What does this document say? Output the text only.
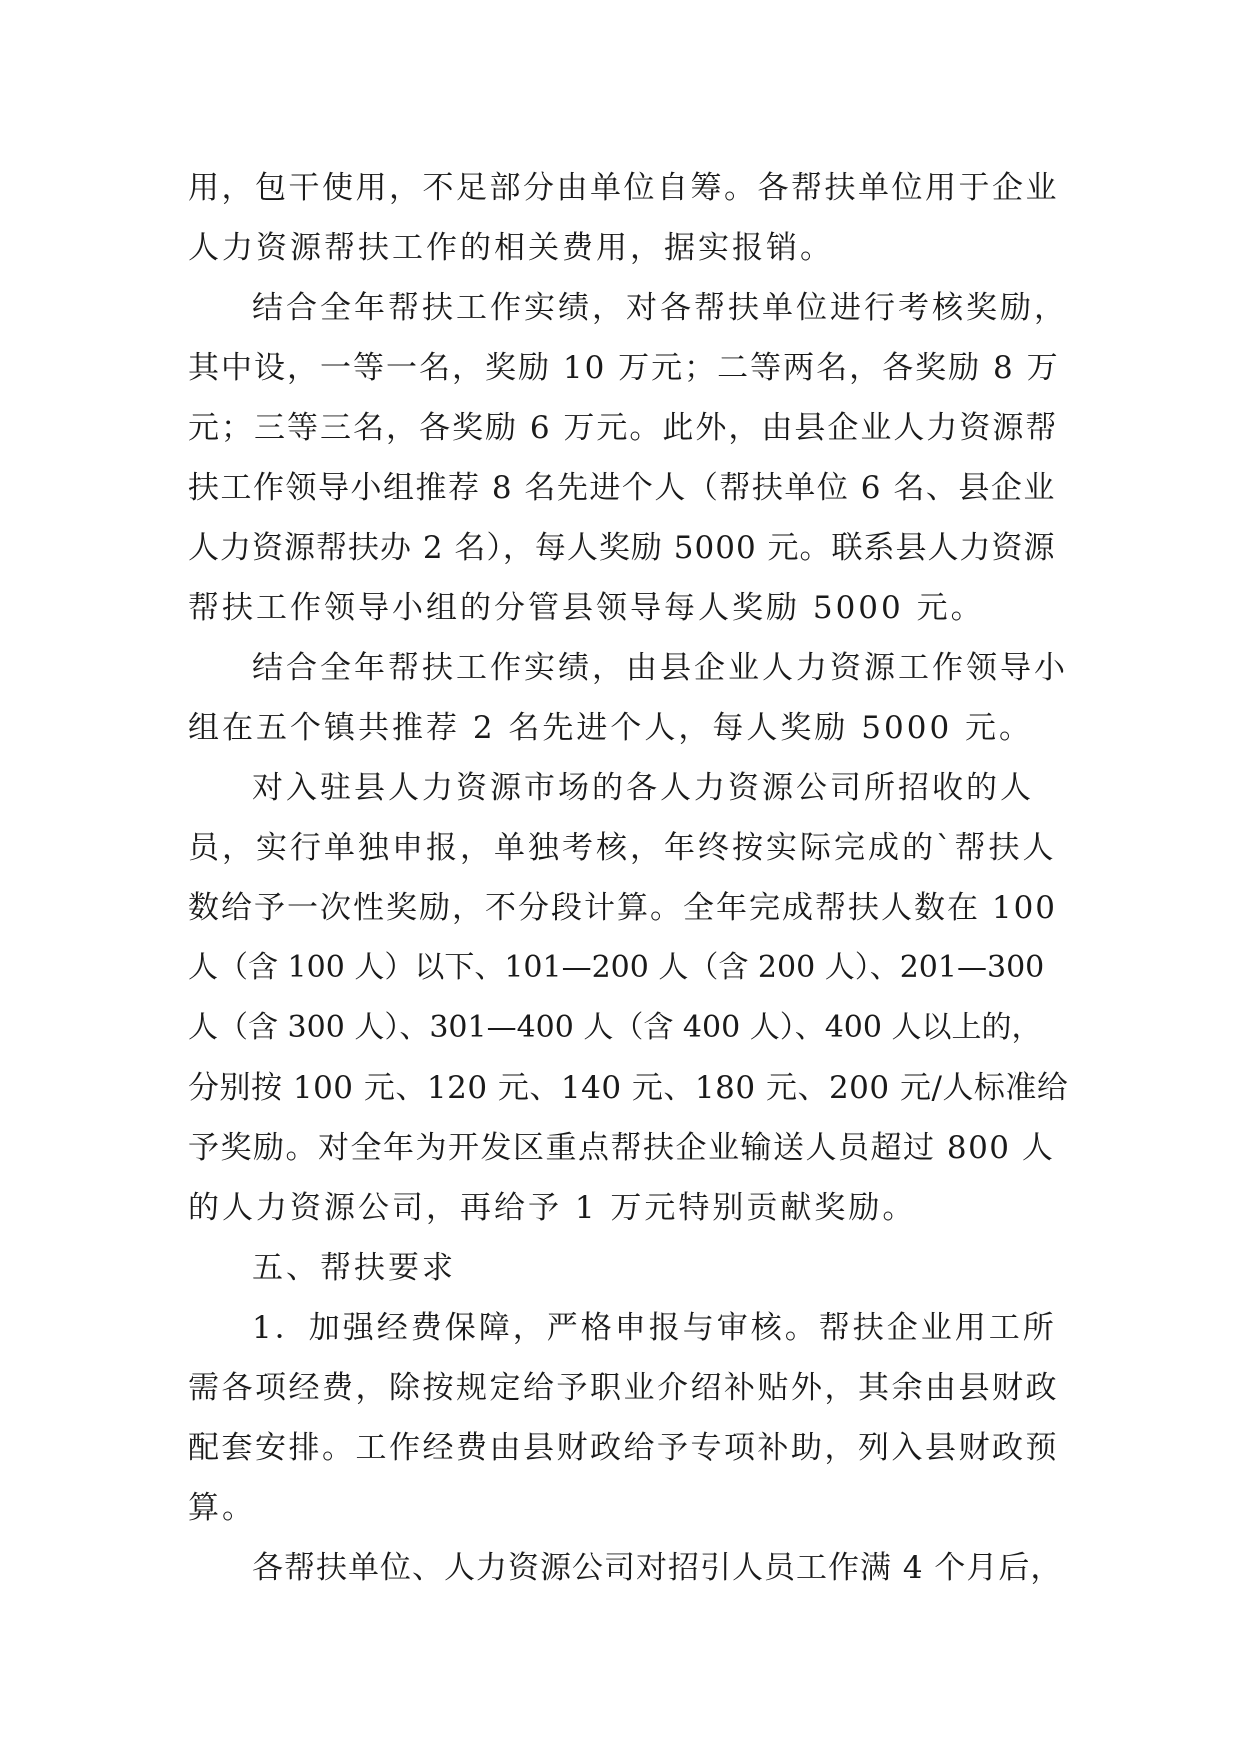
用，包干使用，不足部分由单位自筹。各帮扶单位用于企业
人力资源帮扶工作的相关费用，据实报销。
结合全年帮扶工作实绩，对各帮扶单位进行考核奖励，
其中设，一等一名，奖励 10 万元；二等两名，各奖励 8 万
元；三等三名，各奖励 6 万元。此外，由县企业人力资源帮
扶工作领导小组推荐 8 名先进个人（帮扶单位 6 名、县企业
人力资源帮扶办 2 名），每人奖励 5000 元。联系县人力资源
帮扶工作领导小组的分管县领导每人奖励 5000 元。
结合全年帮扶工作实绩，由县企业人力资源工作领导小
组在五个镇共推荐 2 名先进个人，每人奖励 5000 元。
对入驻县人力资源市场的各人力资源公司所招收的人
员，实行单独申报，单独考核，年终按实际完成的`帮扶人
数给予一次性奖励，不分段计算。全年完成帮扶人数在 100
人（含 100 人）以下、101—200 人（含 200 人）、201—300
人（含 300 人）、301—400 人（含 400 人）、400 人以上的，
分别按 100 元、120 元、140 元、180 元、200 元/人标准给
予奖励。对全年为开发区重点帮扶企业输送人员超过 800 人
的人力资源公司，再给予 1 万元特别贡献奖励。
五、帮扶要求
1．加强经费保障，严格申报与审核。帮扶企业用工所
需各项经费，除按规定给予职业介绍补贴外，其余由县财政
配套安排。工作经费由县财政给予专项补助，列入县财政预
算。
各帮扶单位、人力资源公司对招引人员工作满 4 个月后，
